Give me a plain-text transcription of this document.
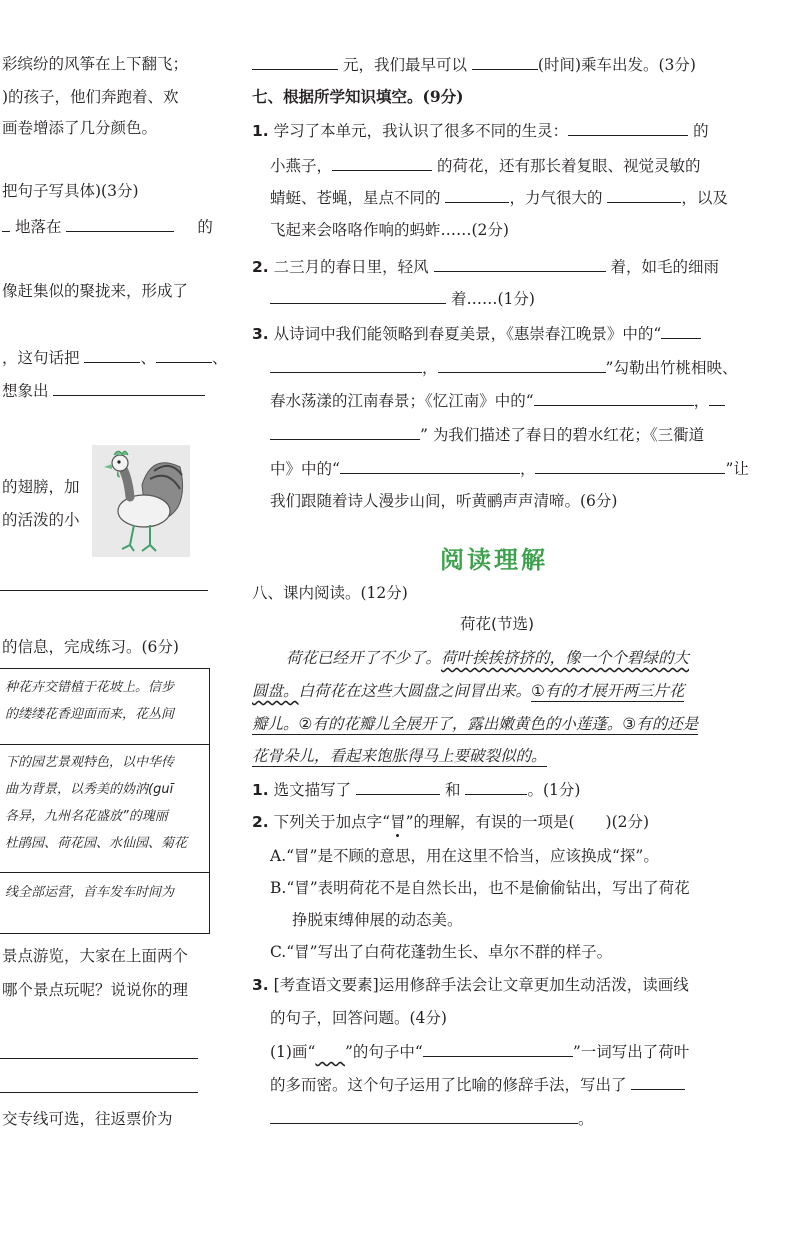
彩缤纷的风筝在上下翻飞；
)的孩子，他们奔跑着、欢
画卷增添了几分颜色。
把句子写具体)(3分)
地落在	的
像赶集似的聚拢来，形成了
，这句话把	、	、
想象出
的翅膀，加
的活泼的小
的信息，完成练习。(6分)
种花卉交错植于花坡上。信步
的缕缕花香迎面而来，花丛间
下的园艺景观特色，以中华传
曲为背景，以秀美的妫汭(guī
各异，九州名花盛放”的瑰丽
杜鹃园、荷花园、水仙园、菊花
线全部运营，首车发车时间为
景点游览，大家在上面两个
哪个景点玩呢？说说你的理
交专线可选，往返票价为
元，我们最早可以	(时间)乘车出发。(3分)
七、根据所学知识填空。(9分)
1. 学习了本单元，我认识了很多不同的生灵：	的
小燕子，	的荷花，还有那长着复眼、视觉灵敏的
蜻蜓、苍蝇，星点不同的	，力气很大的	，以及
飞起来会咯咯作响的蚂蚱……(2分)
2. 二三月的春日里，轻风	着，如毛的细雨
着……(1分)
3. 从诗词中我们能领略到春夏美景，《惠崇春江晚景》中的“
，	”勾勒出竹桃相映、
春水荡漾的江南春景；《忆江南》中的“	，
” 为我们描述了春日的碧水红花；《三衢道
中》中的“	，	”让
我们跟随着诗人漫步山间，听黄鹂声声清啼。(6分)
阅读理解
八、课内阅读。(12分)
荷花(节选)
荷花已经开了不少了。荷叶挨挨挤挤的，像一个个碧绿的大
圆盘。白荷花在这些大圆盘之间冒出来。①有的才展开两三片花
瓣儿。②有的花瓣儿全展开了，露出嫩黄色的小莲蓬。③有的还是
花骨朵儿，看起来饱胀得马上要破裂似的。
1. 选文描写了	和	。(1分)
2. 下列关于加点字“冒”的理解，有误的一项是(　　)(2分)
A.“冒”是不顾的意思，用在这里不恰当，应该换成“探”。
B.“冒”表明荷花不是自然长出，也不是偷偷钻出，写出了荷花
挣脱束缚伸展的动态美。
C.“冒”写出了白荷花蓬勃生长、卓尔不群的样子。
3. [考查语文要素]运用修辞手法会让文章更加生动活泼，读画线
的句子，回答问题。(4分)
(1)画“    ”的句子中“	”一词写出了荷叶
的多而密。这个句子运用了比喻的修辞手法，写出了
。
